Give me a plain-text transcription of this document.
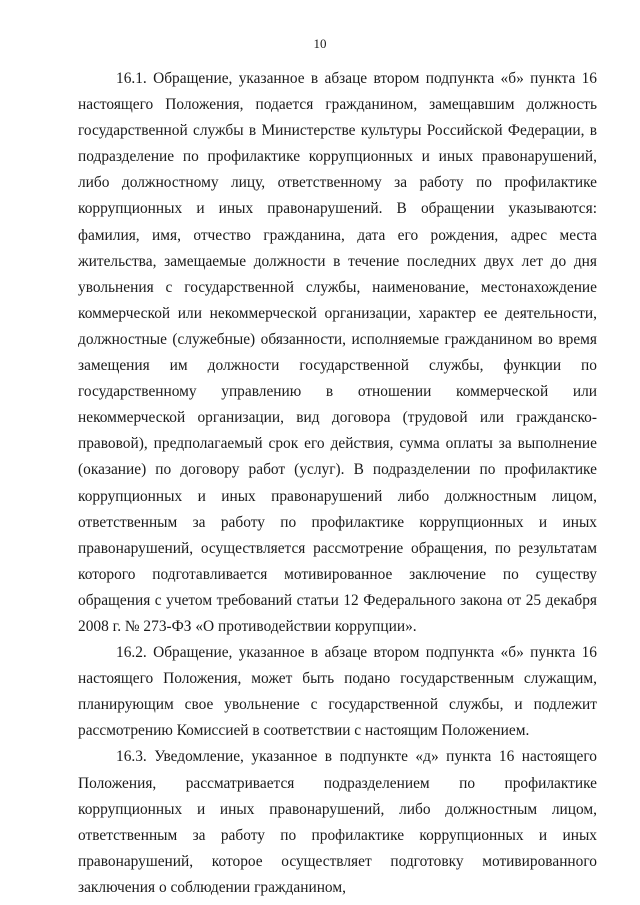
10

16.1. Обращение, указанное в абзаце втором подпункта «б» пункта 16 настоящего Положения, подается гражданином, замещавшим должность государственной службы в Министерстве культуры Российской Федерации, в подразделение по профилактике коррупционных и иных правонарушений, либо должностному лицу, ответственному за работу по профилактике коррупционных и иных правонарушений. В обращении указываются: фамилия, имя, отчество гражданина, дата его рождения, адрес места жительства, замещаемые должности в течение последних двух лет до дня увольнения с государственной службы, наименование, местонахождение коммерческой или некоммерческой организации, характер ее деятельности, должностные (служебные) обязанности, исполняемые гражданином во время замещения им должности государственной службы, функции по государственному управлению в отношении коммерческой или некоммерческой организации, вид договора (трудовой или гражданско-правовой), предполагаемый срок его действия, сумма оплаты за выполнение (оказание) по договору работ (услуг). В подразделении по профилактике коррупционных и иных правонарушений либо должностным лицом, ответственным за работу по профилактике коррупционных и иных правонарушений, осуществляется рассмотрение обращения, по результатам которого подготавливается мотивированное заключение по существу обращения с учетом требований статьи 12 Федерального закона от 25 декабря 2008 г. № 273-ФЗ «О противодействии коррупции».

16.2. Обращение, указанное в абзаце втором подпункта «б» пункта 16 настоящего Положения, может быть подано государственным служащим, планирующим свое увольнение с государственной службы, и подлежит рассмотрению Комиссией в соответствии с настоящим Положением.

16.3. Уведомление, указанное в подпункте «д» пункта 16 настоящего Положения, рассматривается подразделением по профилактике коррупционных и иных правонарушений, либо должностным лицом, ответственным за работу по профилактике коррупционных и иных правонарушений, которое осуществляет подготовку мотивированного заключения о соблюдении гражданином,
